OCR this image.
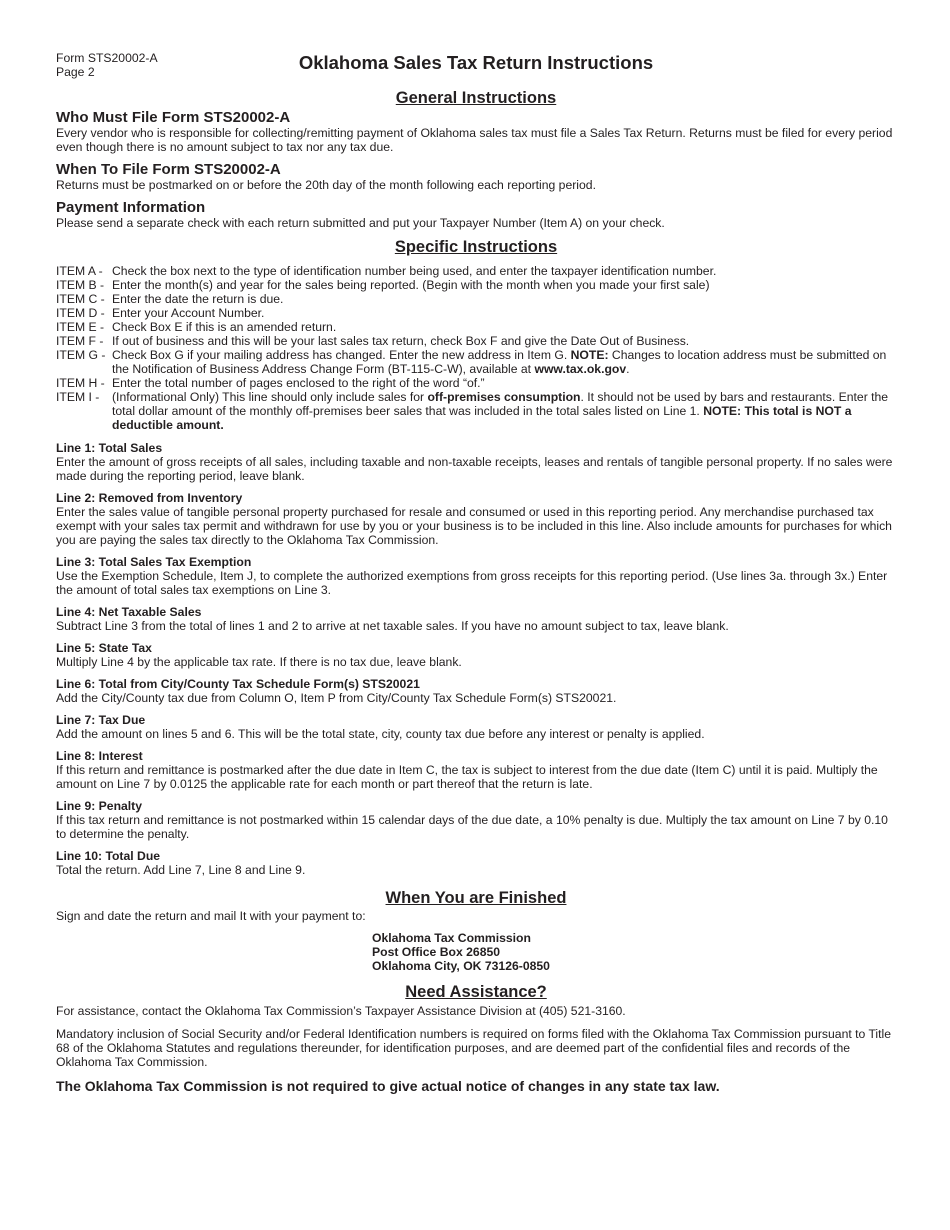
Form STS20002-A
Page 2	Oklahoma Sales Tax Return Instructions
General Instructions
Who Must File Form STS20002-A

Every vendor who is responsible for collecting/remitting payment of Oklahoma sales tax must file a Sales Tax Return. Returns must be filed for every period even though there is no amount subject to tax nor any tax due.

When To File Form STS20002-A

Returns must be postmarked on or before the 20th day of the month following each reporting period.

Payment Information

Please send a separate check with each return submitted and put your Taxpayer Number (Item A) on your check.

Specific Instructions
ITEM A - Check the box next to the type of identification number being used, and enter the taxpayer identification number.
ITEM B - Enter the month(s) and year for the sales being reported. (Begin with the month when you made your first sale)
ITEM C - Enter the date the return is due.
ITEM D - Enter your Account Number.
ITEM E - Check Box E if this is an amended return.
ITEM F - If out of business and this will be your last sales tax return, check Box F and give the Date Out of Business.
ITEM G - Check Box G if your mailing address has changed. Enter the new address in Item G. NOTE: Changes to location address must be submitted on the Notification of Business Address Change Form (BT-115-C-W), available at www.tax.ok.gov.
ITEM H - Enter the total number of pages enclosed to the right of the word “of.”
ITEM I -	(Informational Only) This line should only include sales for off-premises consumption. It should not be used by bars and restaurants. Enter the total dollar amount of the monthly off-premises beer sales that was included in the total sales listed on Line 1. NOTE: This total is NOT a deductible amount.
Line 1: Total Sales

Enter the amount of gross receipts of all sales, including taxable and non-taxable receipts, leases and rentals of tangible personal property. If no sales were made during the reporting period, leave blank.

Line 2: Removed from Inventory

Enter the sales value of tangible personal property purchased for resale and consumed or used in this reporting period. Any merchandise purchased tax exempt with your sales tax permit and withdrawn for use by you or your business is to be included in this line. Also include amounts for purchases for which you are paying the sales tax directly to the Oklahoma Tax Commission.

Line 3: Total Sales Tax Exemption

Use the Exemption Schedule, Item J, to complete the authorized exemptions from gross receipts for this reporting period. (Use lines 3a. through 3x.) Enter the amount of total sales tax exemptions on Line 3.

Line 4: Net Taxable Sales

Subtract Line 3 from the total of lines 1 and 2 to arrive at net taxable sales. If you have no amount subject to tax, leave blank.

Line 5: State Tax

Multiply Line 4 by the applicable tax rate. If there is no tax due, leave blank.

Line 6: Total from City/County Tax Schedule Form(s) STS20021

Add the City/County tax due from Column O, Item P from City/County Tax Schedule Form(s) STS20021.

Line 7: Tax Due

Add the amount on lines 5 and 6. This will be the total state, city, county tax due before any interest or penalty is applied.

Line 8: Interest

If this return and remittance is postmarked after the due date in Item C, the tax is subject to interest from the due date (Item C) until it is paid. Multiply the amount on Line 7 by 0.0125 the applicable rate for each month or part thereof that the return is late.

Line 9: Penalty

If this tax return and remittance is not postmarked within 15 calendar days of the due date, a 10% penalty is due. Multiply the tax amount on Line 7 by 0.10 to determine the penalty.

Line 10: Total Due

Total the return. Add Line 7, Line 8 and Line 9.

When You are Finished

Sign and date the return and mail It with your payment to:

Oklahoma Tax Commission
Post Office Box 26850
Oklahoma City, OK 73126-0850
Need Assistance?

For assistance, contact the Oklahoma Tax Commission’s Taxpayer Assistance Division at (405) 521-3160.

Mandatory inclusion of Social Security and/or Federal Identification numbers is required on forms filed with the Oklahoma Tax Commission pursuant to Title 68 of the Oklahoma Statutes and regulations thereunder, for identification purposes, and are deemed part of the confidential files and records of the Oklahoma Tax Commission.

The Oklahoma Tax Commission is not required to give actual notice of changes in any state tax law.
